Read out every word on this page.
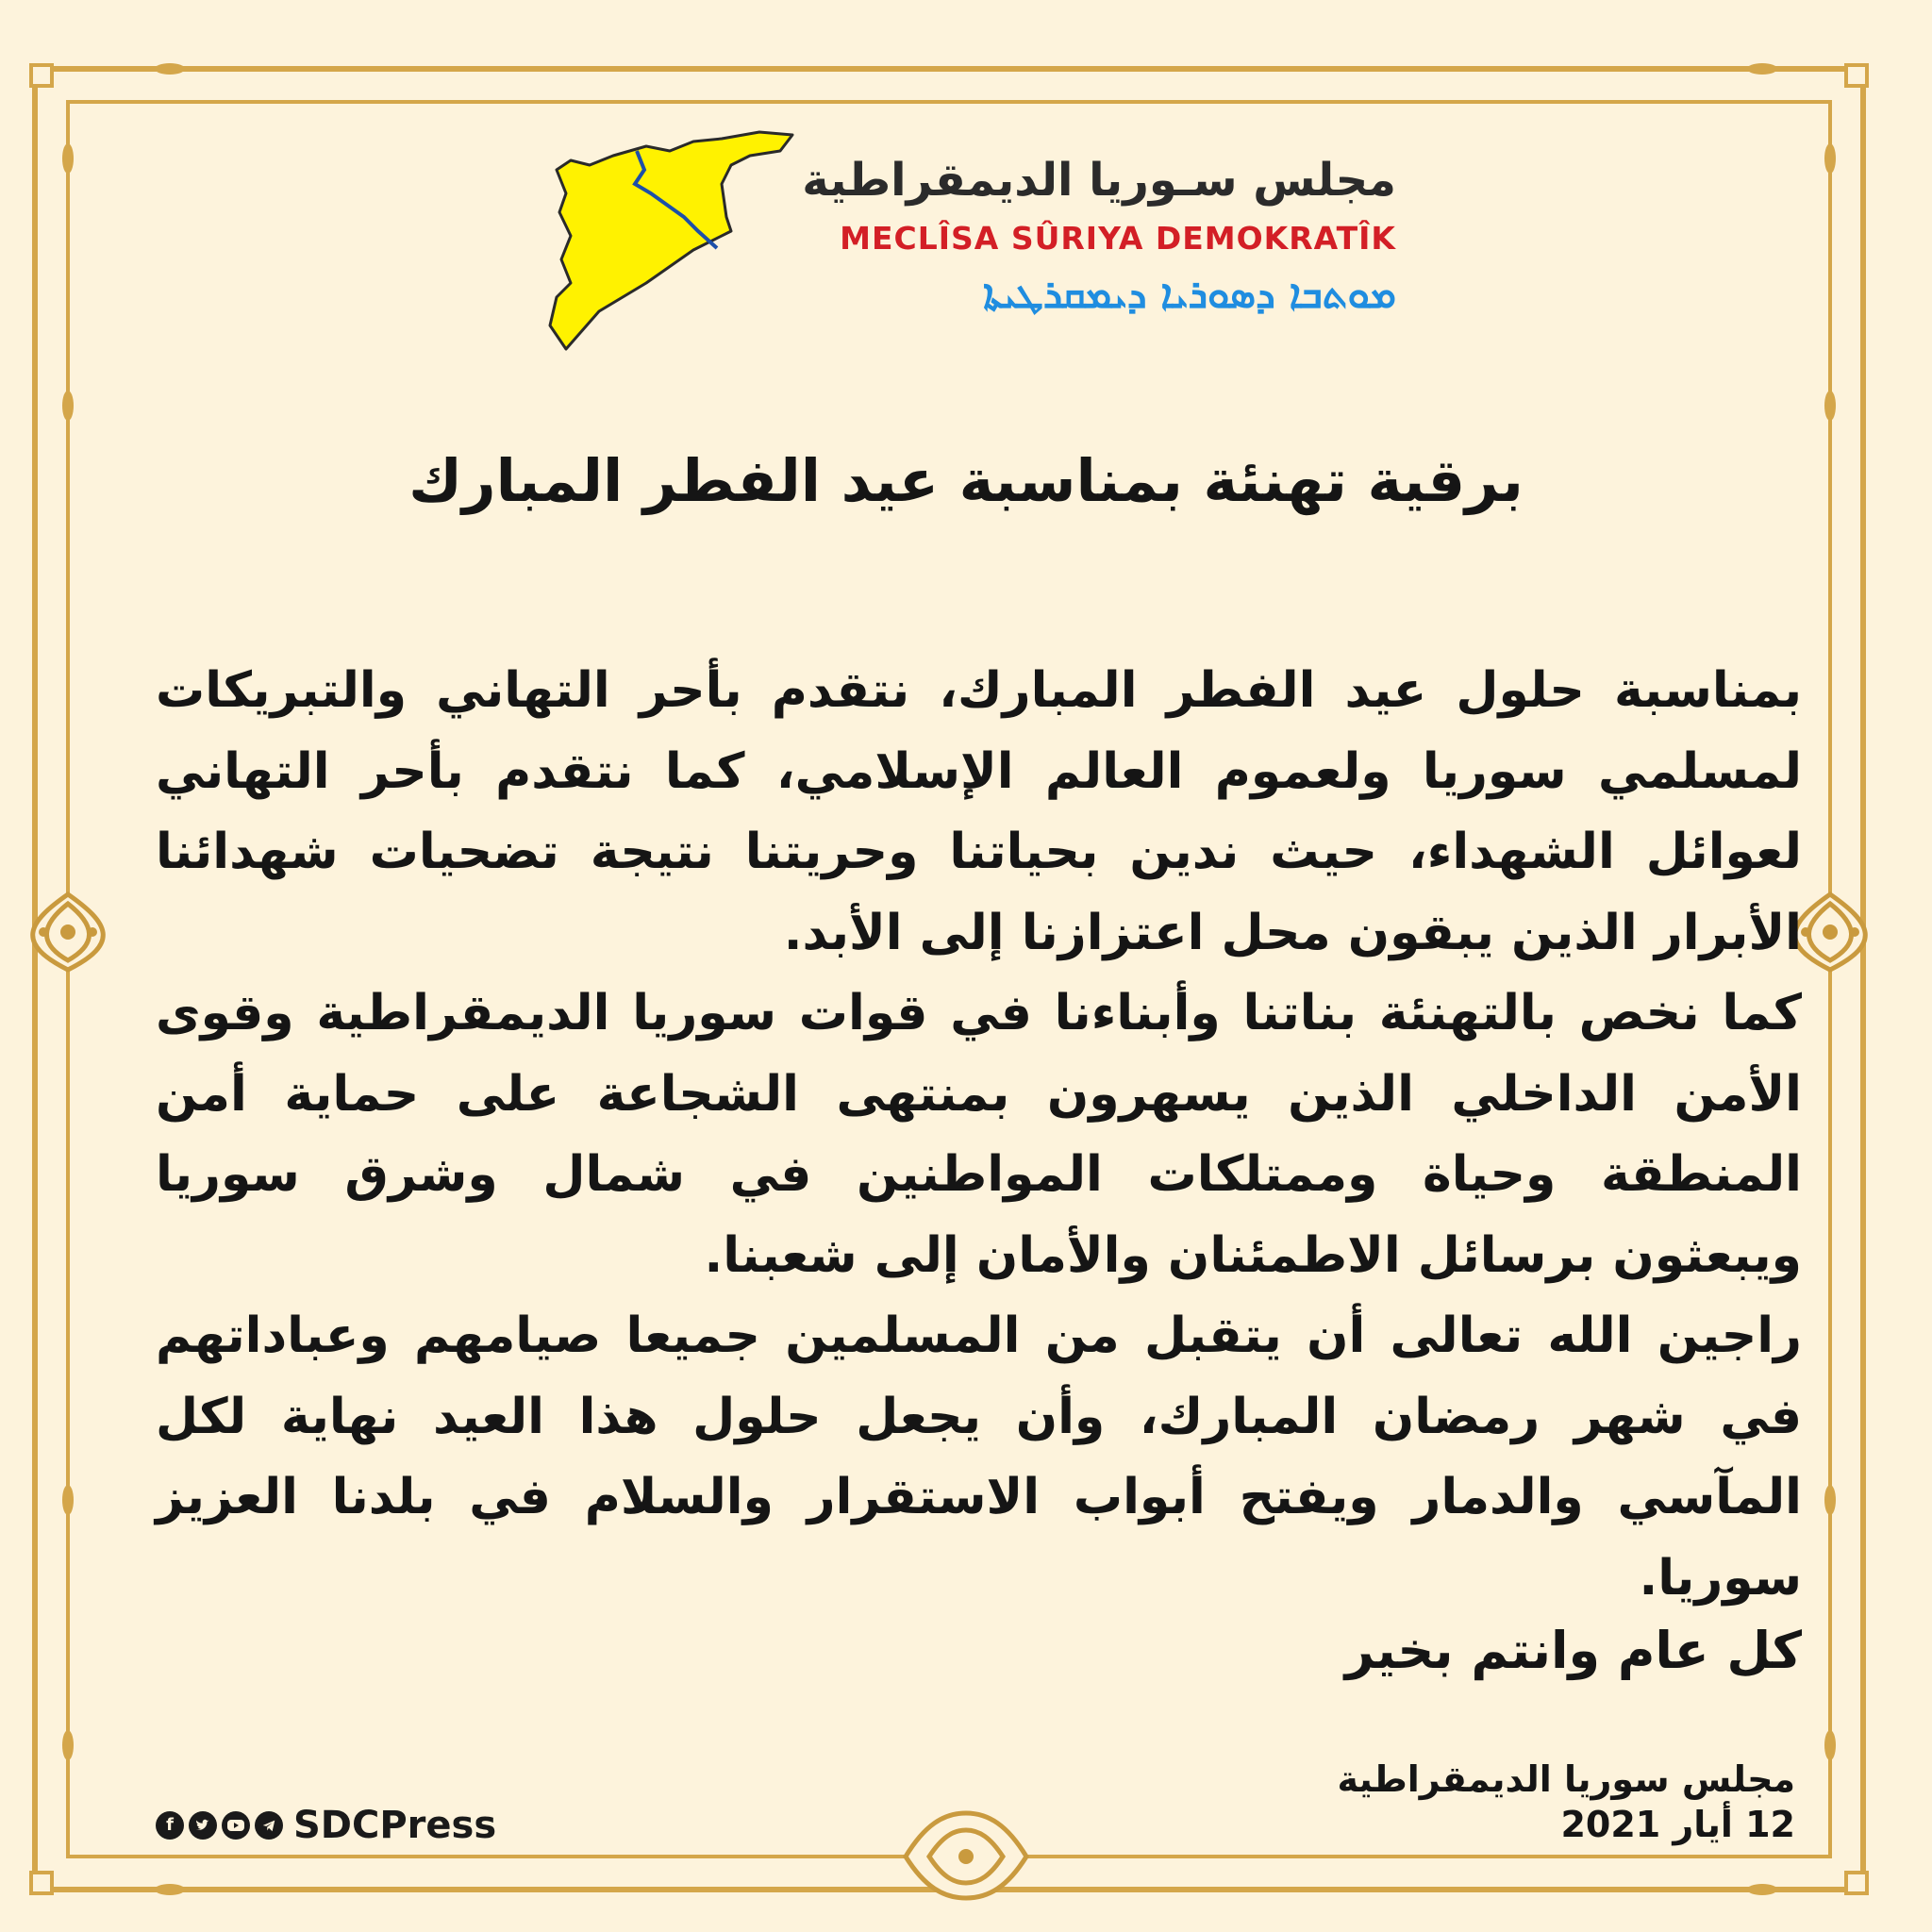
مجلس سـوريا الديمقراطية
MECLÎSA SÛRIYA DEMOKRATÎK
ܡܘܬܒܐ ܕܣܘܪܝܐ ܕܝܡܩܪܛܝܬܐ
برقية تهنئة بمناسبة عيد الفطر المبارك

بمناسبة حلول عيد الفطر المبارك، نتقدم بأحر التهاني والتبريكات لمسلمي سوريا ولعموم العالم الإسلامي، كما نتقدم بأحر التهاني لعوائل الشهداء، حيث ندين بحياتنا وحريتنا نتيجة تضحيات شهدائنا الأبرار الذين يبقون محل اعتزازنا إلى الأبد.

كما نخص بالتهنئة بناتنا وأبناءنا في قوات سوريا الديمقراطية وقوى الأمن الداخلي الذين يسهرون بمنتهى الشجاعة على حماية أمن المنطقة وحياة وممتلكات المواطنين في شمال وشرق سوريا ويبعثون برسائل الاطمئنان والأمان إلى شعبنا.

راجين الله تعالى أن يتقبل من المسلمين جميعا صيامهم وعباداتهم في شهر رمضان المبارك، وأن يجعل حلول هذا العيد نهاية لكل المآسي والدمار ويفتح أبواب الاستقرار والسلام في بلدنا العزيز سوريا.

كل عام وانتم بخير
مجلس سوريا الديمقراطية
12 أيار 2021
f	SDCPress
